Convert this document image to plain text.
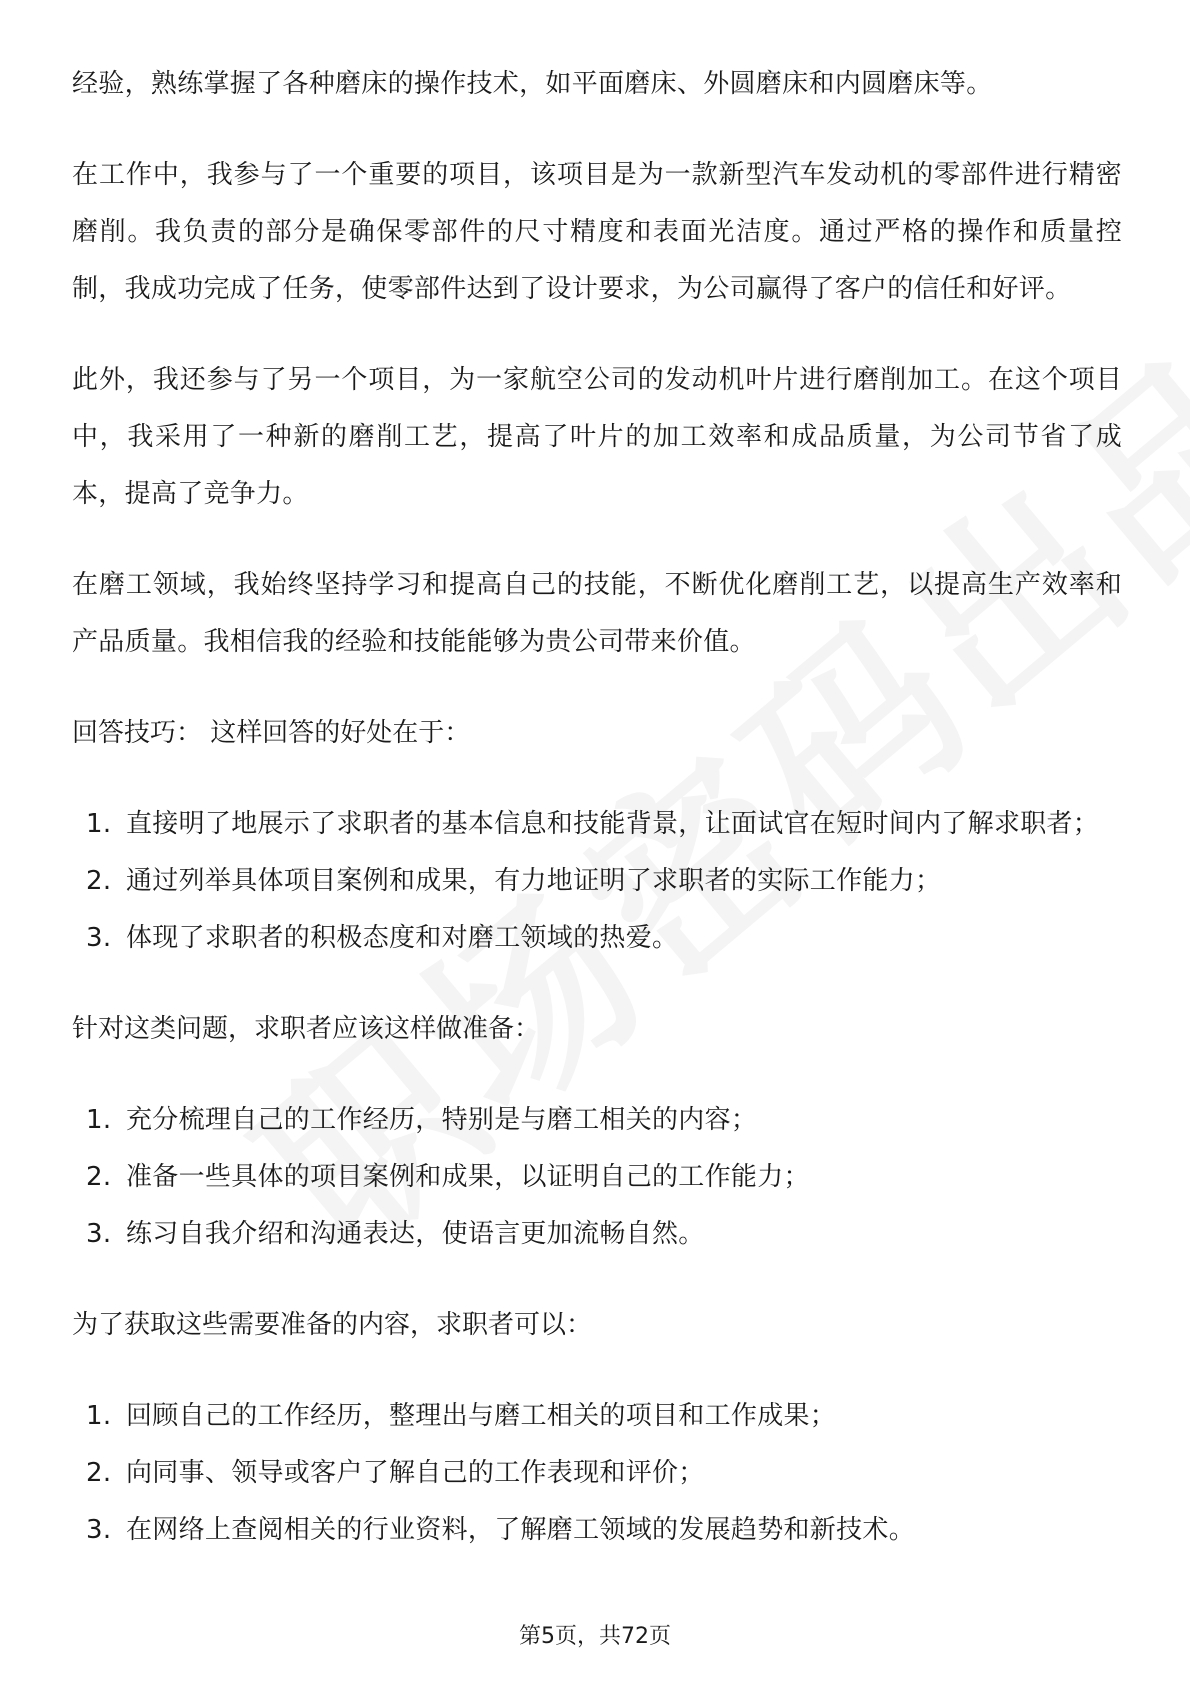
经验，熟练掌握了各种磨床的操作技术，如平面磨床、外圆磨床和内圆磨床等。

在工作中，我参与了一个重要的项目，该项目是为一款新型汽车发动机的零部件进行精密磨削。我负责的部分是确保零部件的尺寸精度和表面光洁度。通过严格的操作和质量控制，我成功完成了任务，使零部件达到了设计要求，为公司赢得了客户的信任和好评。

此外，我还参与了另一个项目，为一家航空公司的发动机叶片进行磨削加工。在这个项目中，我采用了一种新的磨削工艺，提高了叶片的加工效率和成品质量，为公司节省了成本，提高了竞争力。

在磨工领域，我始终坚持学习和提高自己的技能，不断优化磨削工艺，以提高生产效率和产品质量。我相信我的经验和技能能够为贵公司带来价值。

回答技巧： 这样回答的好处在于：

1. 直接明了地展示了求职者的基本信息和技能背景，让面试官在短时间内了解求职者；
2. 通过列举具体项目案例和成果，有力地证明了求职者的实际工作能力；
3. 体现了求职者的积极态度和对磨工领域的热爱。

针对这类问题，求职者应该这样做准备：

1. 充分梳理自己的工作经历，特别是与磨工相关的内容；
2. 准备一些具体的项目案例和成果，以证明自己的工作能力；
3. 练习自我介绍和沟通表达，使语言更加流畅自然。

为了获取这些需要准备的内容，求职者可以：

1. 回顾自己的工作经历，整理出与磨工相关的项目和工作成果；
2. 向同事、领导或客户了解自己的工作表现和评价；
3. 在网络上查阅相关的行业资料，了解磨工领域的发展趋势和新技术。
第5页，共72页
